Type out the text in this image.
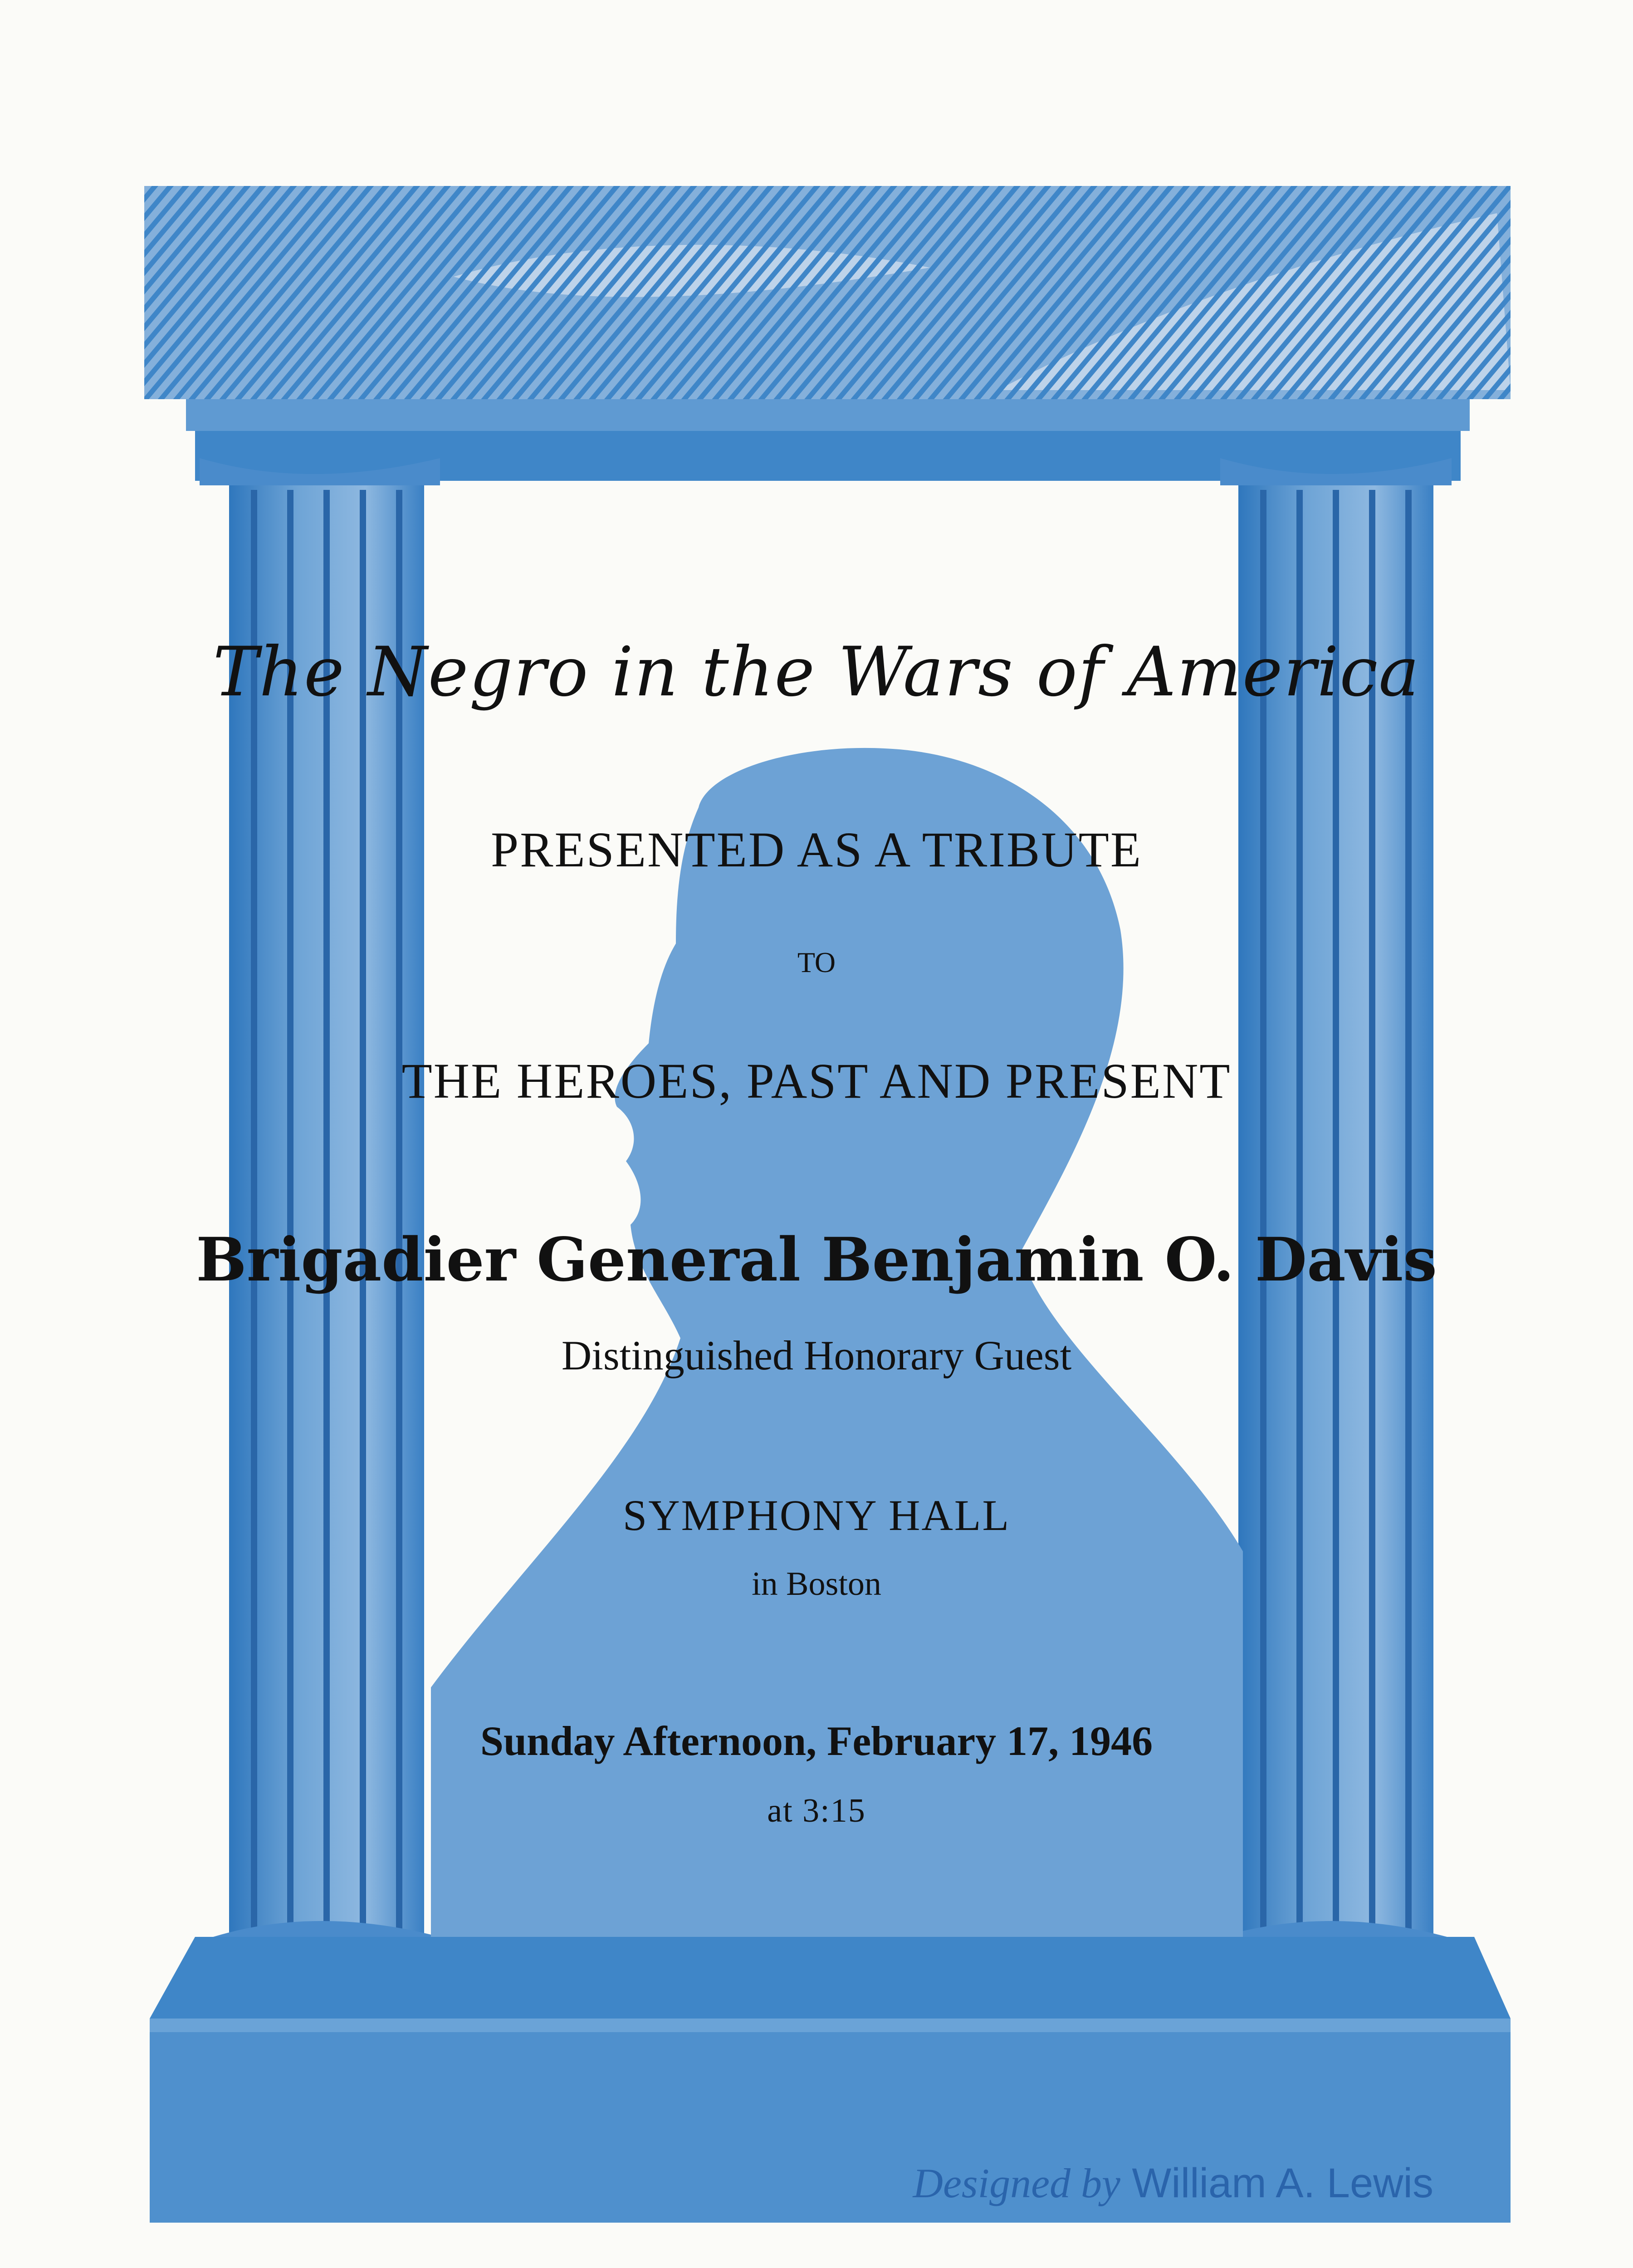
The Negro in the Wars of America
PRESENTED AS A TRIBUTE
TO
THE HEROES, PAST AND PRESENT
Brigadier General Benjamin O. Davis
Distinguished Honorary Guest
SYMPHONY HALL
in Boston
Sunday Afternoon, February 17, 1946
at 3:15
Designed by William A. Lewis
